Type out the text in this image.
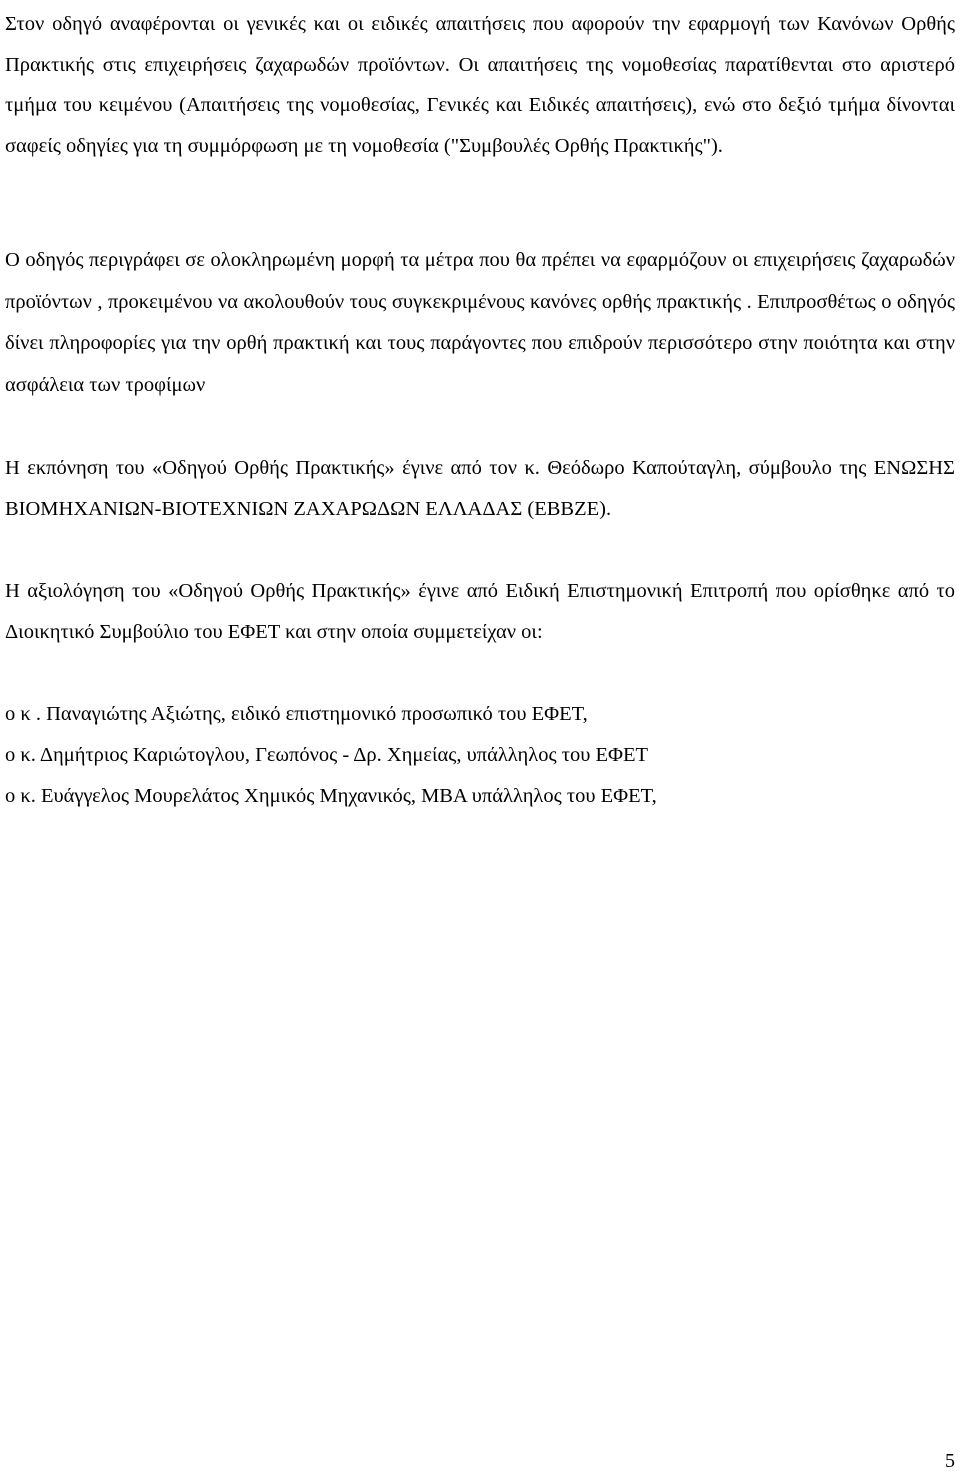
Στον οδηγό αναφέρονται οι γενικές και οι ειδικές απαιτήσεις που αφορούν την εφαρμογή των Κανόνων Ορθής Πρακτικής στις επιχειρήσεις ζαχαρωδών προϊόντων. Οι απαιτήσεις της νομοθεσίας παρατίθενται στο αριστερό τμήμα του κειμένου (Απαιτήσεις της νομοθεσίας, Γενικές και Ειδικές απαιτήσεις), ενώ στο δεξιό τμήμα δίνονται σαφείς οδηγίες για τη συμμόρφωση με τη νομοθεσία ("Συμβουλές Ορθής Πρακτικής").

Ο οδηγός περιγράφει σε ολοκληρωμένη μορφή τα μέτρα που θα πρέπει να εφαρμόζουν οι επιχειρήσεις ζαχαρωδών προϊόντων , προκειμένου να ακολουθούν τους συγκεκριμένους κανόνες ορθής πρακτικής . Επιπροσθέτως ο οδηγός δίνει πληροφορίες για την ορθή πρακτική και τους παράγοντες που επιδρούν περισσότερο στην ποιότητα και στην ασφάλεια των τροφίμων

Η εκπόνηση του «Οδηγού Ορθής Πρακτικής» έγινε από τον κ. Θεόδωρο Καπούταγλη, σύμβουλο της ΕΝΩΣΗΣ ΒΙΟΜΗΧΑΝΙΩΝ-ΒΙΟΤΕΧΝΙΩΝ ΖΑΧΑΡΩΔΩΝ ΕΛΛΑΔΑΣ (ΕΒΒΖΕ).

Η αξιολόγηση του «Οδηγού Ορθής Πρακτικής» έγινε από Ειδική Επιστημονική Επιτροπή που ορίσθηκε από το Διοικητικό Συμβούλιο του ΕΦΕΤ και στην οποία συμμετείχαν οι:

ο κ . Παναγιώτης Αξιώτης, ειδικό επιστημονικό προσωπικό του ΕΦΕΤ,
ο κ. Δημήτριος Καριώτογλου, Γεωπόνος - Δρ. Χημείας, υπάλληλος του ΕΦΕΤ
ο κ. Ευάγγελος Μουρελάτος Χημικός Μηχανικός, MBA υπάλληλος του ΕΦΕΤ,
5
